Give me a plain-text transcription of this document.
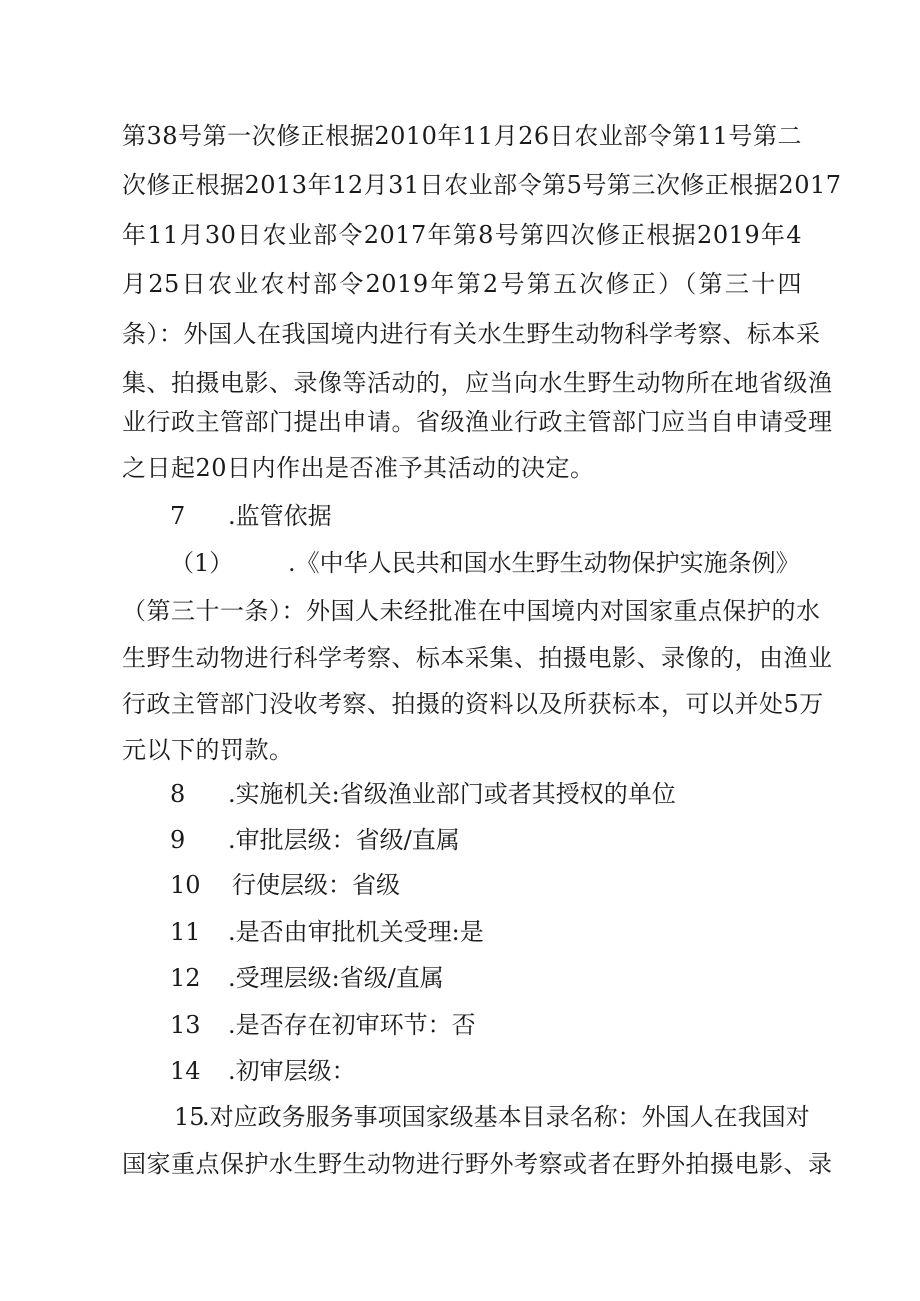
第38号第一次修正根据2010年11月26日农业部令第11号第二
次修正根据2013年12月31日农业部令第5号第三次修正根据2017
年11月30日农业部令2017年第8号第四次修正根据2019年4
月25日农业农村部令2019年第2号第五次修正）（第三十四
条）：外国人在我国境内进行有关水生野生动物科学考察、标本采
集、拍摄电影、录像等活动的，应当向水生野生动物所在地省级渔
业行政主管部门提出申请。省级渔业行政主管部门应当自申请受理
之日起20日内作出是否准予其活动的决定。
7 .监管依据
（1） .《中华人民共和国水生野生动物保护实施条例》
（第三十一条）：外国人未经批准在中国境内对国家重点保护的水
生野生动物进行科学考察、标本采集、拍摄电影、录像的，由渔业
行政主管部门没收考察、拍摄的资料以及所获标本，可以并处5万
元以下的罚款。
8 .实施机关:省级渔业部门或者其授权的单位
9 .审批层级：省级/直属
10 行使层级：省级
11 .是否由审批机关受理:是
12 .受理层级:省级/直属
13 .是否存在初审环节：否
14 .初审层级：
15
.对应政务服务事项国家级基本目录名称：外国人在我国对
国家重点保护水生野生动物进行野外考察或者在野外拍摄电影、录
